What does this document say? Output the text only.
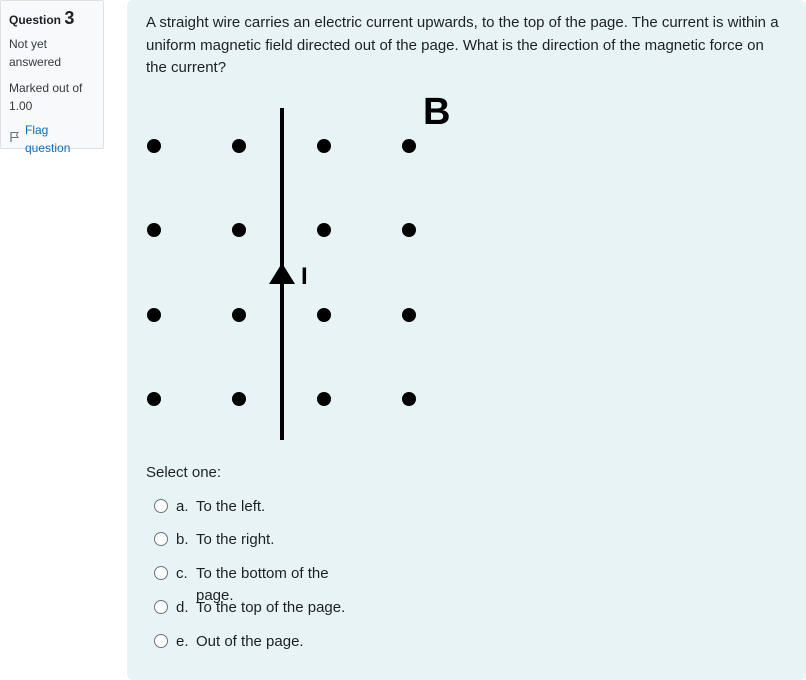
Question 3
Not yet answered
Marked out of 1.00
Flag question
A straight wire carries an electric current upwards, to the top of the page. The current is within a uniform magnetic field directed out of the page. What is the direction of the magnetic force on the current?
I
B
Select one:
a. To the left.
b. To the right.
c. To the bottom of the page.
d. To the top of the page.
e. Out of the page.
